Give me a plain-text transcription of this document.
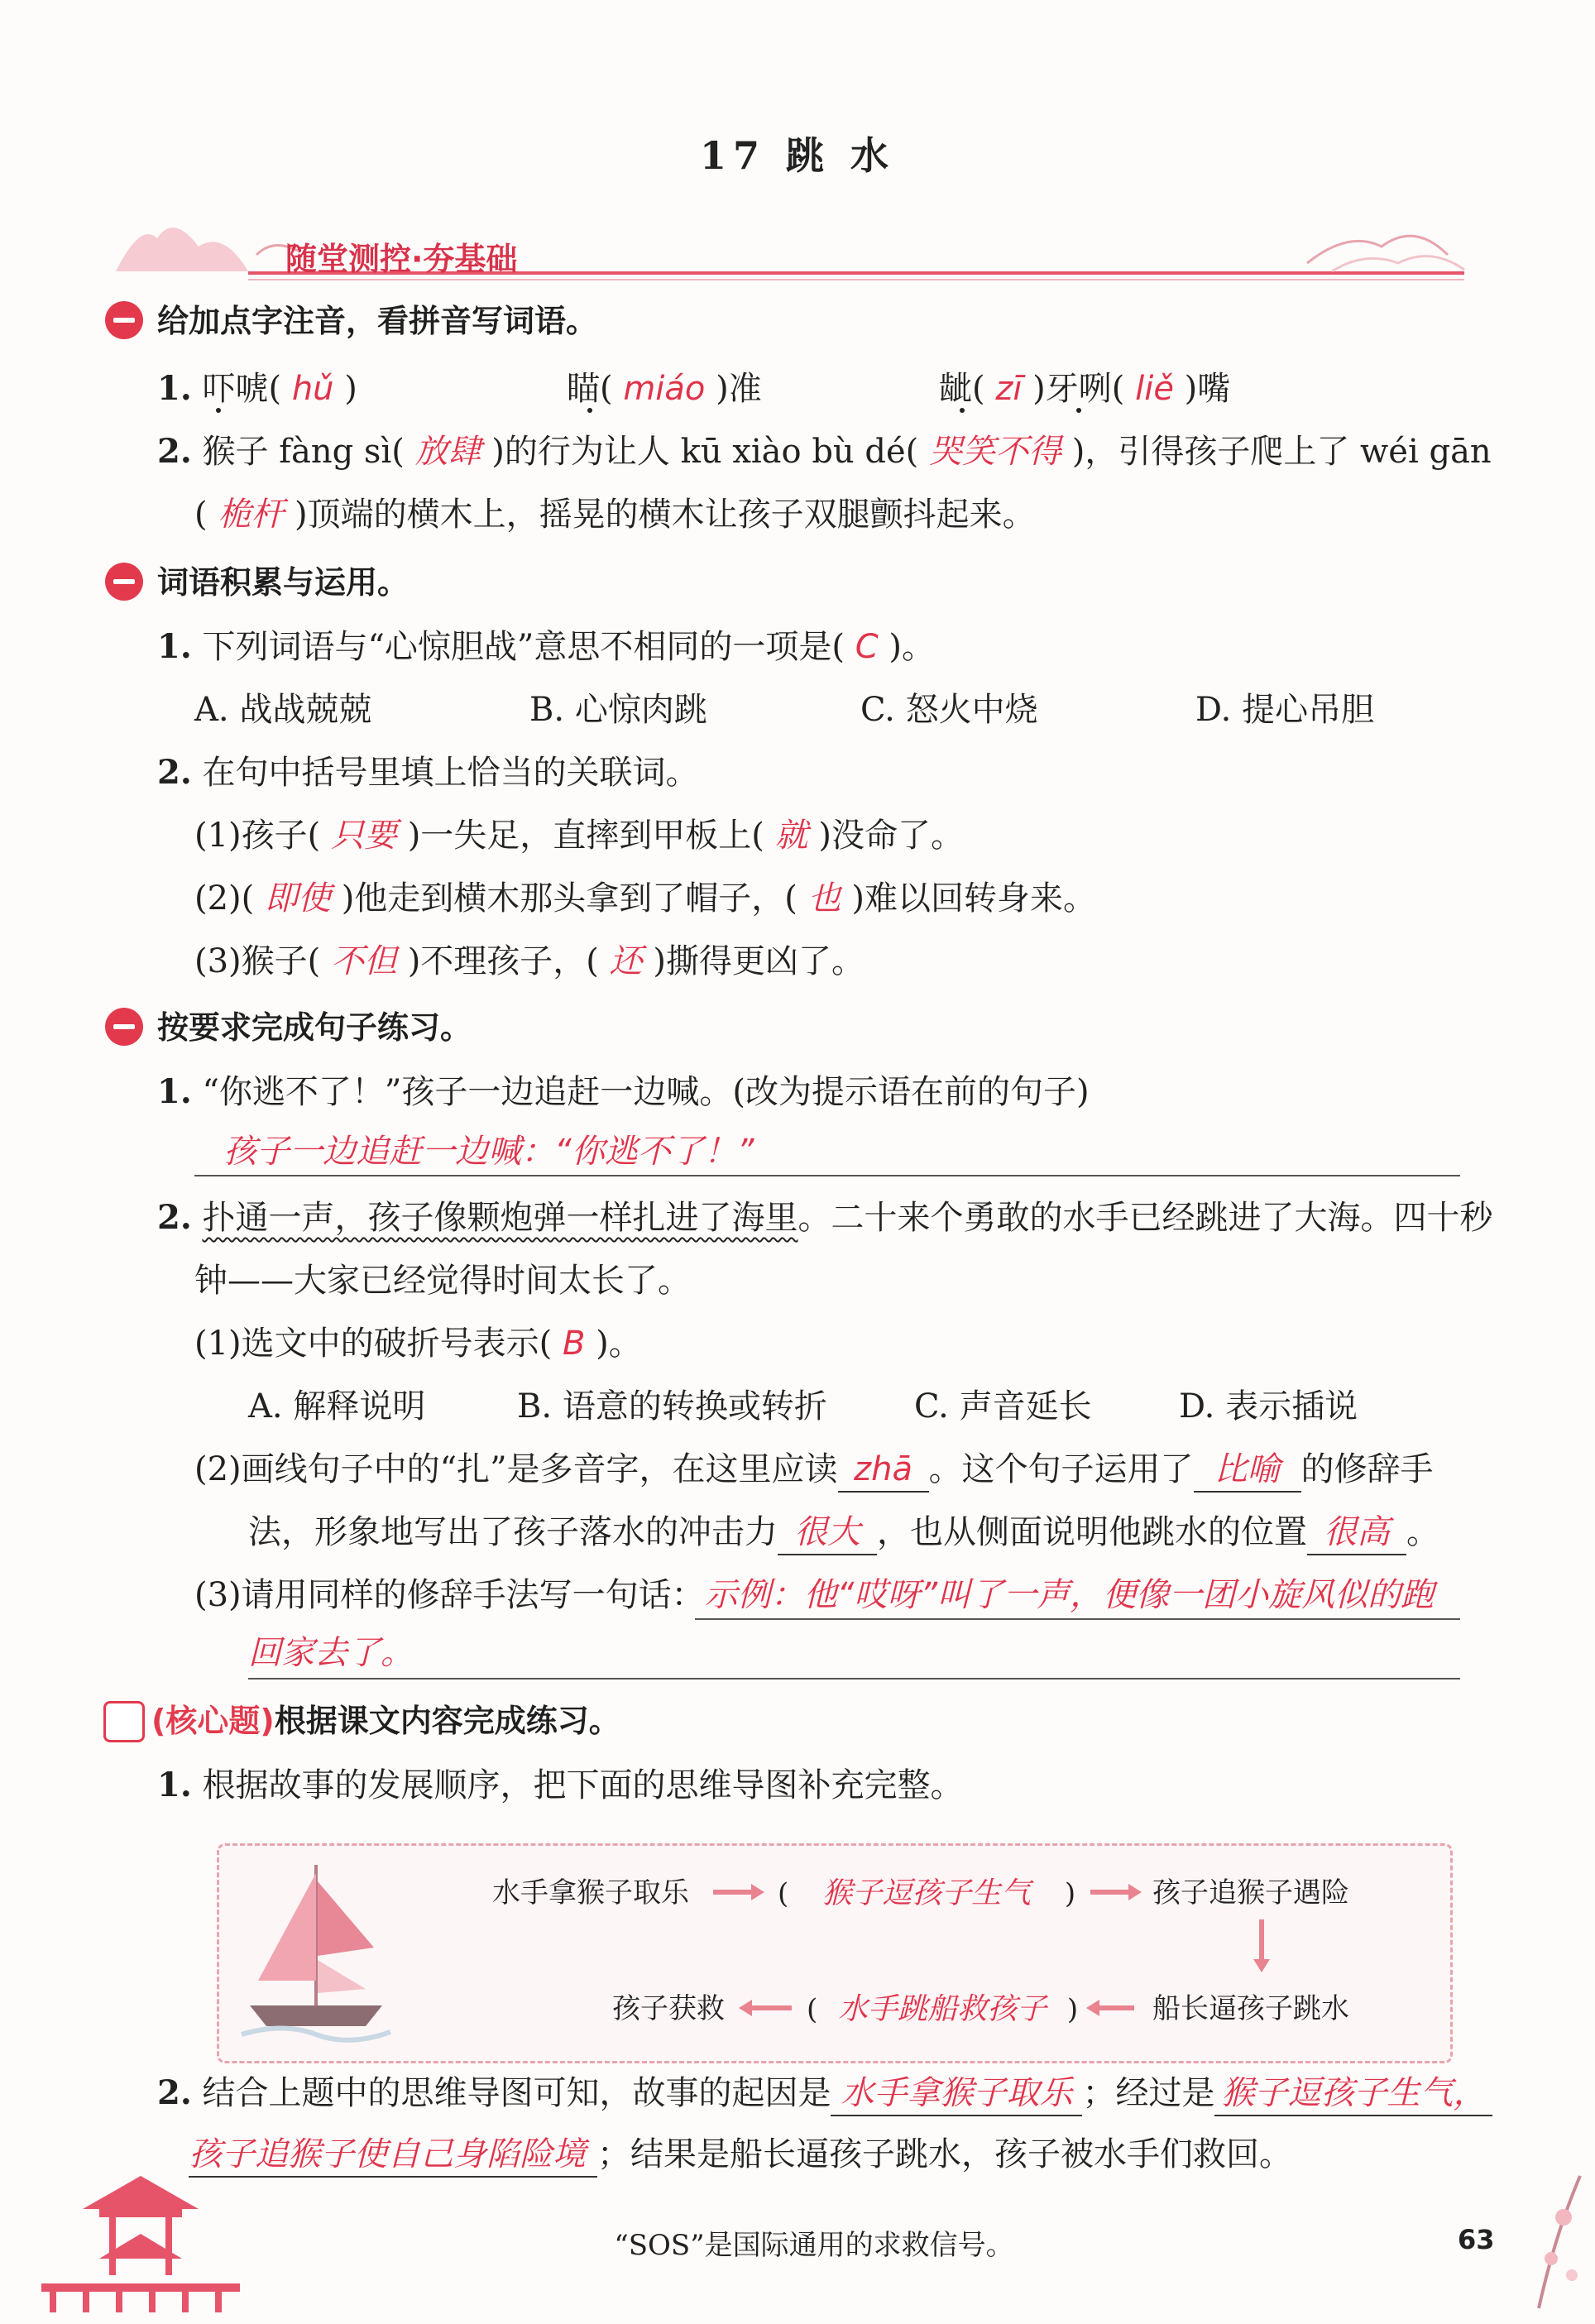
17 跳 水
随堂测控·夯基础
给加点字注音，看拼音写词语。
1. 吓唬( hǔ )	瞄( miáo )准	龇( zī )牙咧( liě )嘴
2. 猴子 fàng sì( 放肆 )的行为让人 kū xiào bù dé( 哭笑不得 )，引得孩子爬上了 wéi gān
( 桅杆 )顶端的横木上，摇晃的横木让孩子双腿颤抖起来。
词语积累与运用。
1. 下列词语与“心惊胆战”意思不相同的一项是( C )。
A. 战战兢兢	B. 心惊肉跳	C. 怒火中烧	D. 提心吊胆
2. 在句中括号里填上恰当的关联词。
(1)孩子( 只要 )一失足，直摔到甲板上( 就 )没命了。
(2)( 即使 )他走到横木那头拿到了帽子，( 也 )难以回转身来。
(3)猴子( 不但 )不理孩子，( 还 )撕得更凶了。
按要求完成句子练习。
1. “你逃不了！”孩子一边追赶一边喊。(改为提示语在前的句子)
孩子一边追赶一边喊：“你逃不了！”
2. 扑通一声，孩子像颗炮弹一样扎进了海里。二十来个勇敢的水手已经跳进了大海。四十秒
钟——大家已经觉得时间太长了。
(1)选文中的破折号表示( B )。
A. 解释说明	B. 语意的转换或转折	C. 声音延长	D. 表示插说
(2)画线句子中的“扎”是多音字，在这里应读 zhā 。这个句子运用了 比喻 的修辞手
法，形象地写出了孩子落水的冲击力 很大 ，也从侧面说明他跳水的位置 很高 。
(3)请用同样的修辞手法写一句话：示例：他“哎呀”叫了一声，便像一团小旋风似的跑
回家去了。
(核心题)根据课文内容完成练习。
1. 根据故事的发展顺序，把下面的思维导图补充完整。
水手拿猴子取乐	( 猴子逗孩子生气 )	孩子追猴子遇险
孩子获救	( 水手跳船救孩子 )	船长逼孩子跳水
2. 结合上题中的思维导图可知，故事的起因是 水手拿猴子取乐 ；经过是 猴子逗孩子生气，
孩子追猴子使自己身陷险境 ；结果是船长逼孩子跳水，孩子被水手们救回。
“SOS”是国际通用的求救信号。	63
